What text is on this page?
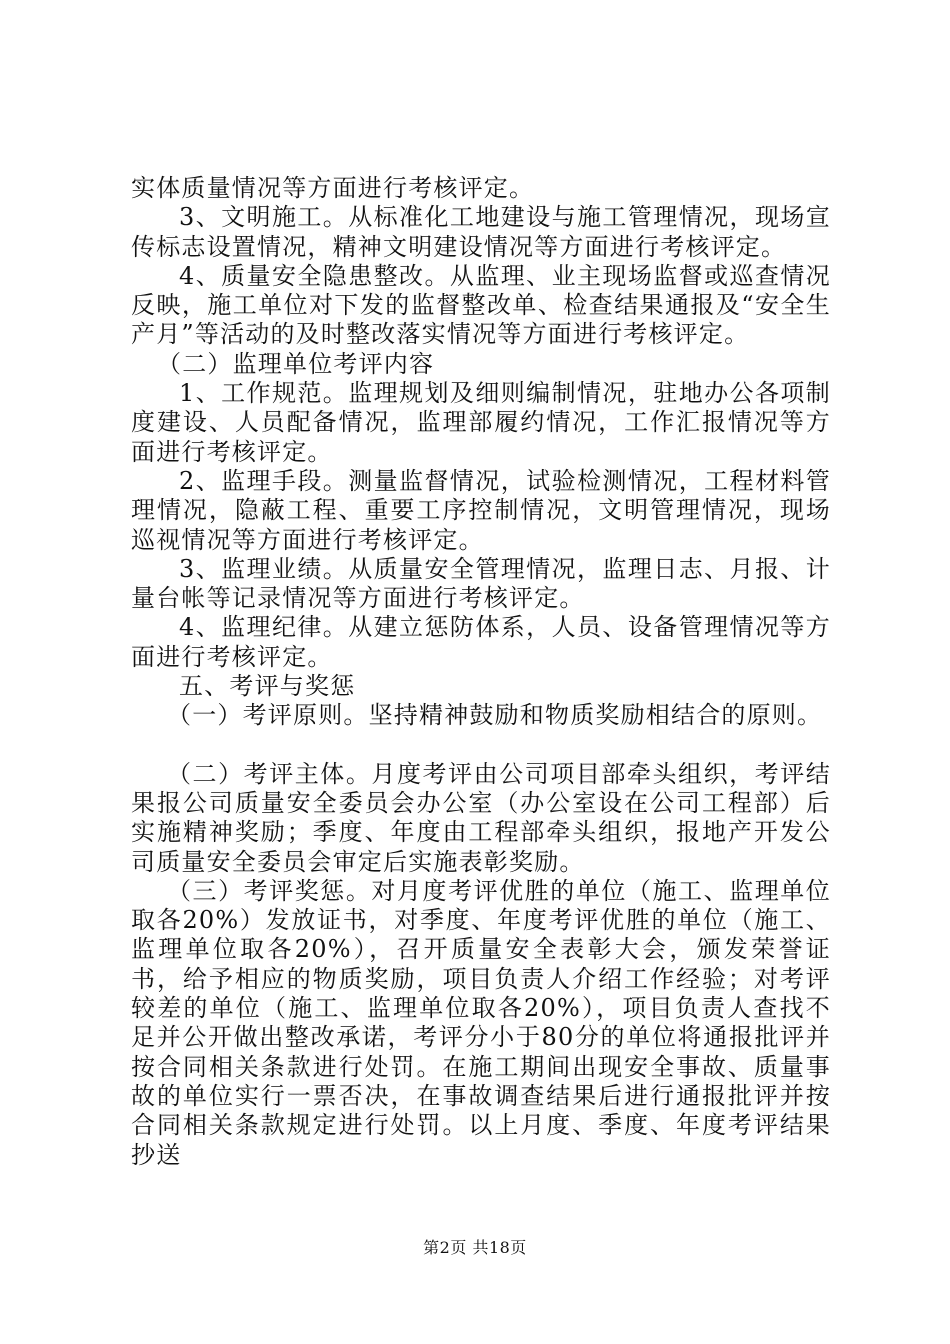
实体质量情况等方面进行考核评定。

3、文明施工。从标准化工地建设与施工管理情况，现场宣传标志设置情况，精神文明建设情况等方面进行考核评定。

4、质量安全隐患整改。从监理、业主现场监督或巡查情况反映，施工单位对下发的监督整改单、检查结果通报及“安全生产月”等活动的及时整改落实情况等方面进行考核评定。

（二）监理单位考评内容

1、工作规范。监理规划及细则编制情况，驻地办公各项制度建设、人员配备情况，监理部履约情况，工作汇报情况等方面进行考核评定。

2、监理手段。测量监督情况，试验检测情况，工程材料管理情况，隐蔽工程、重要工序控制情况，文明管理情况，现场巡视情况等方面进行考核评定。

3、监理业绩。从质量安全管理情况，监理日志、月报、计量台帐等记录情况等方面进行考核评定。

4、监理纪律。从建立惩防体系，人员、设备管理情况等方面进行考核评定。

五、考评与奖惩

（一）考评原则。坚持精神鼓励和物质奖励相结合的原则。

（二）考评主体。月度考评由公司项目部牵头组织，考评结果报公司质量安全委员会办公室（办公室设在公司工程部）后实施精神奖励；季度、年度由工程部牵头组织，报地产开发公司质量安全委员会审定后实施表彰奖励。

（三）考评奖惩。对月度考评优胜的单位（施工、监理单位取各20%）发放证书，对季度、年度考评优胜的单位（施工、监理单位取各20%），召开质量安全表彰大会，颁发荣誉证书，给予相应的物质奖励，项目负责人介绍工作经验；对考评较差的单位（施工、监理单位取各20%），项目负责人查找不足并公开做出整改承诺，考评分小于80分的单位将通报批评并按合同相关条款进行处罚。在施工期间出现安全事故、质量事故的单位实行一票否决，在事故调查结果后进行通报批评并按合同相关条款规定进行处罚。以上月度、季度、年度考评结果抄送

第2页 共18页
